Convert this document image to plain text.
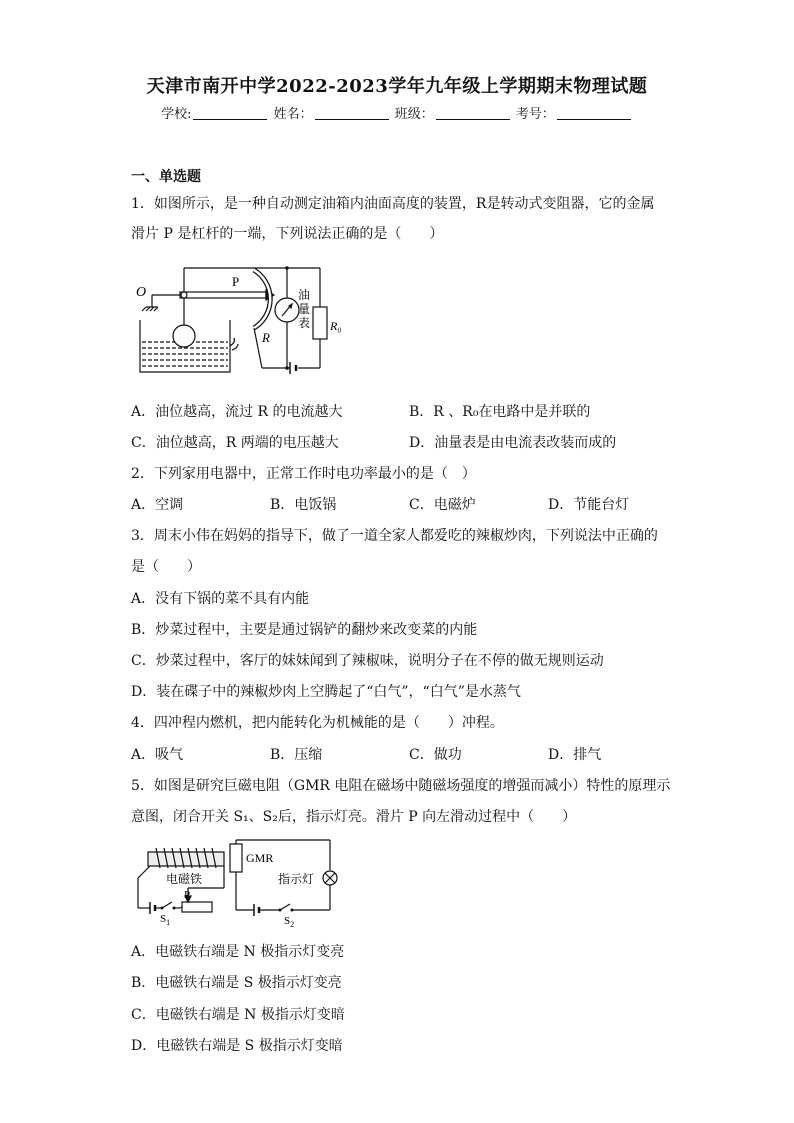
天津市南开中学2022-2023学年九年级上学期期末物理试题
学校:	姓名：	班级：	考号：
一、单选题
1．如图所示，是一种自动测定油箱内油面高度的装置，R是转动式变阻器，它的金属
滑片 P 是杠杆的一端，下列说法正确的是（　　）
O
P
R
R₀
油
量
表
A．油位越高，流过 R 的电流越大	B．R 、R₀在电路中是并联的
C．油位越高，R 两端的电压越大	D．油量表是由电流表改装而成的
2．下列家用电器中，正常工作时电功率最小的是（　）
A．空调	B．电饭锅	C．电磁炉	D．节能台灯
3．周末小伟在妈妈的指导下，做了一道全家人都爱吃的辣椒炒肉，下列说法中正确的
是（　　）
A．没有下锅的菜不具有内能
B．炒菜过程中，主要是通过锅铲的翻炒来改变菜的内能
C．炒菜过程中，客厅的妹妹闻到了辣椒味，说明分子在不停的做无规则运动
D．装在碟子中的辣椒炒肉上空腾起了“白气”，“白气”是水蒸气
4．四冲程内燃机，把内能转化为机械能的是（　　）冲程。
A．吸气	B．压缩	C．做功	D．排气
5．如图是研究巨磁电阻（GMR 电阻在磁场中随磁场强度的增强而减小）特性的原理示
意图，闭合开关 S₁、S₂后，指示灯亮。滑片 P 向左滑动过程中（　　）
GMR
电磁铁	指示灯
P
$S_1$	$S_2$
A．电磁铁右端是 N 极指示灯变亮
B．电磁铁右端是 S 极指示灯变亮
C．电磁铁右端是 N 极指示灯变暗
D．电磁铁右端是 S 极指示灯变暗
